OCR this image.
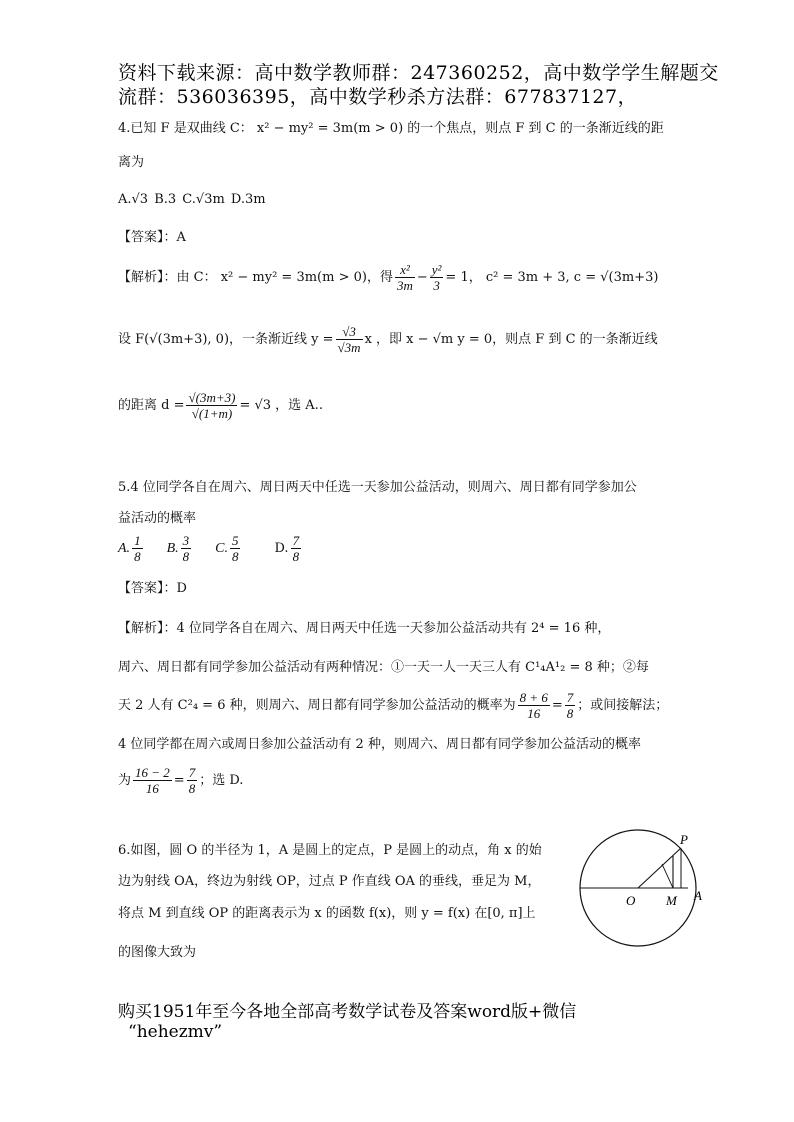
资料下载来源：高中数学教师群：247360252，高中数学学生解题交
流群：536036395，高中数学秒杀方法群：677837127，
4.已知 F 是双曲线 C： x² − my² = 3m(m > 0) 的一个焦点，则点 F 到 C 的一条渐近线的距
离为
A.√3 B.3 C.√3m D.3m
【答案】：A
【解析】：由 C： x² − my² = 3m(m > 0)，得 $\frac{\text{x²}}{3m} - \frac{\text{y²}}{3} = 1$， c² = 3m + 3, c = √(3m+3)
设 F(√(3m+3), 0)，一条渐近线 $y = \frac{√3}{√3m}$ x ，即 x − √m y = 0，则点 F 到 C 的一条渐近线
的距离 $d = \frac{√(3m+3)}{√(1+m)} = √3$ ，选 A..
5.4 位同学各自在周六、周日两天中任选一天参加公益活动，则周六、周日都有同学参加公
益活动的概率
A. $\frac{1}{8} B$. $\frac{3}{8} C$. $\frac{5}{8}$	D. $\frac{7}{8}$
【答案】：D
【解析】：4 位同学各自在周六、周日两天中任选一天参加公益活动共有 2⁴ = 16 种，
周六、周日都有同学参加公益活动有两种情况：①一天一人一天三人有 C¹₄A¹₂ = 8 种；②每
天 2 人有 C²₄ = 6 种，则周六、周日都有同学参加公益活动的概率为 $\frac{8 + 6}{16} = \frac{7}{8}$ ；或间接解法；
4 位同学都在周六或周日参加公益活动有 2 种，则周六、周日都有同学参加公益活动的概率
为 $\frac{16 - 2}{16} = \frac{7}{8}$ ；选 D.
6.如图，圆 O 的半径为 1，A 是圆上的定点，P 是圆上的动点，角 x 的始
边为射线 OA，终边为射线 OP，过点 P 作直线 OA 的垂线，垂足为 M，
将点 M 到直线 OP 的距离表示为 x 的函数 f(x)，则 y = f(x) 在[0, π]上
的图像大致为
O M A
P
购买1951年至今各地全部高考数学试卷及答案word版+微信
“hehezmv”
